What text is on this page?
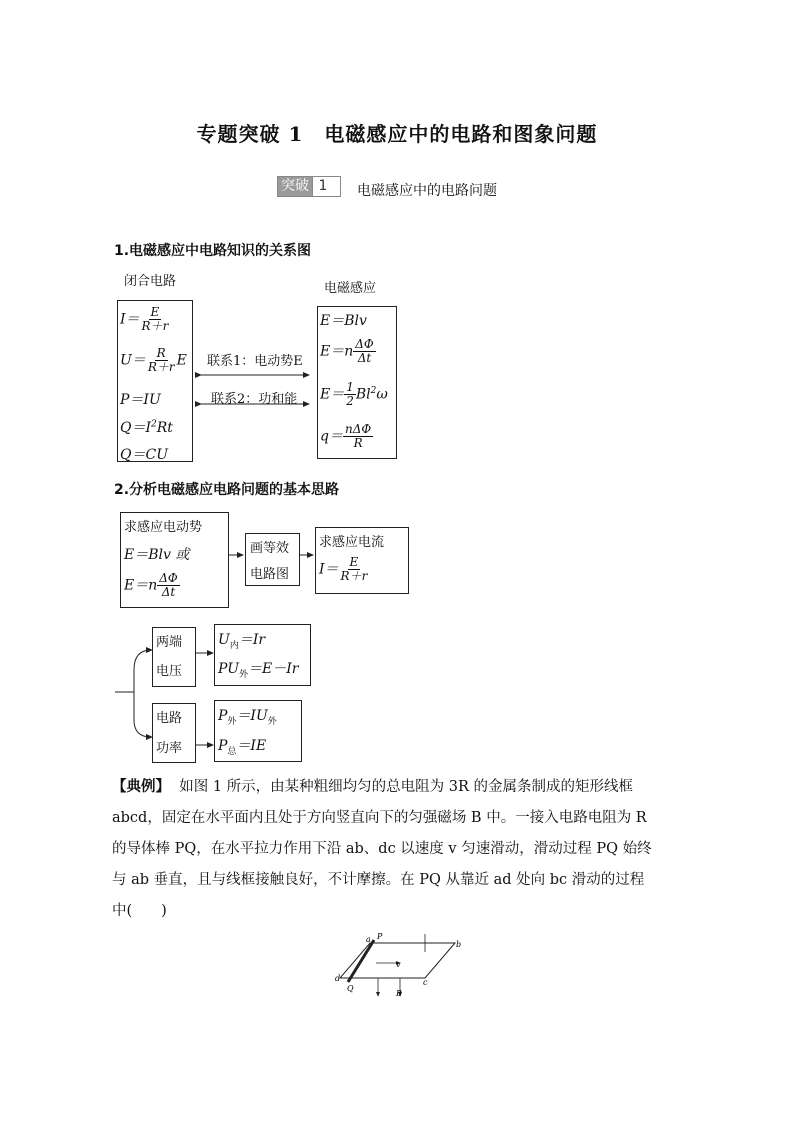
专题突破 1　电磁感应中的电路和图象问题
突破 1	电磁感应中的电路问题
1.电磁感应中电路知识的关系图
闭合电路	电磁感应
$I= \frac{E}{R+r}$
$U= \frac{R}{R+r}$ E
P＝IU
$Q=I^2Rt$
Q＝CU
联系1：电动势E
联系2：功和能
E＝Blv
$E=n \frac{\Delta\Phi}{\Delta t}$
$E= \frac{1}{2} Bl^2\omega$
$q= \frac{\text{nΔΦ}}{R}$
2.分析电磁感应电路问题的基本思路
求感应电动势
E＝Blv 或
$E=n \frac{\Delta\Phi}{\Delta t}$
画等效
电路图
求感应电流
$I= \frac{E}{R+r}$
两端
电压
$U_内=Ir$
$PU_外=E-Ir$
电路
功率
$P_外=IU_外$
$P_总=IE$
【典例】 如图 1 所示，由某种粗细均匀的总电阻为 3R 的金属条制成的矩形线框
abcd，固定在水平面内且处于方向竖直向下的匀强磁场 B 中。一接入电路电阻为 R
的导体棒 PQ，在水平拉力作用下沿 ab、dc 以速度 v 匀速滑动，滑动过程 PQ 始终
与 ab 垂直，且与线框接触良好，不计摩擦。在 PQ 从靠近 ad 处向 bc 滑动的过程
中(　　)
a
b
c
d
P
Q
v
B
